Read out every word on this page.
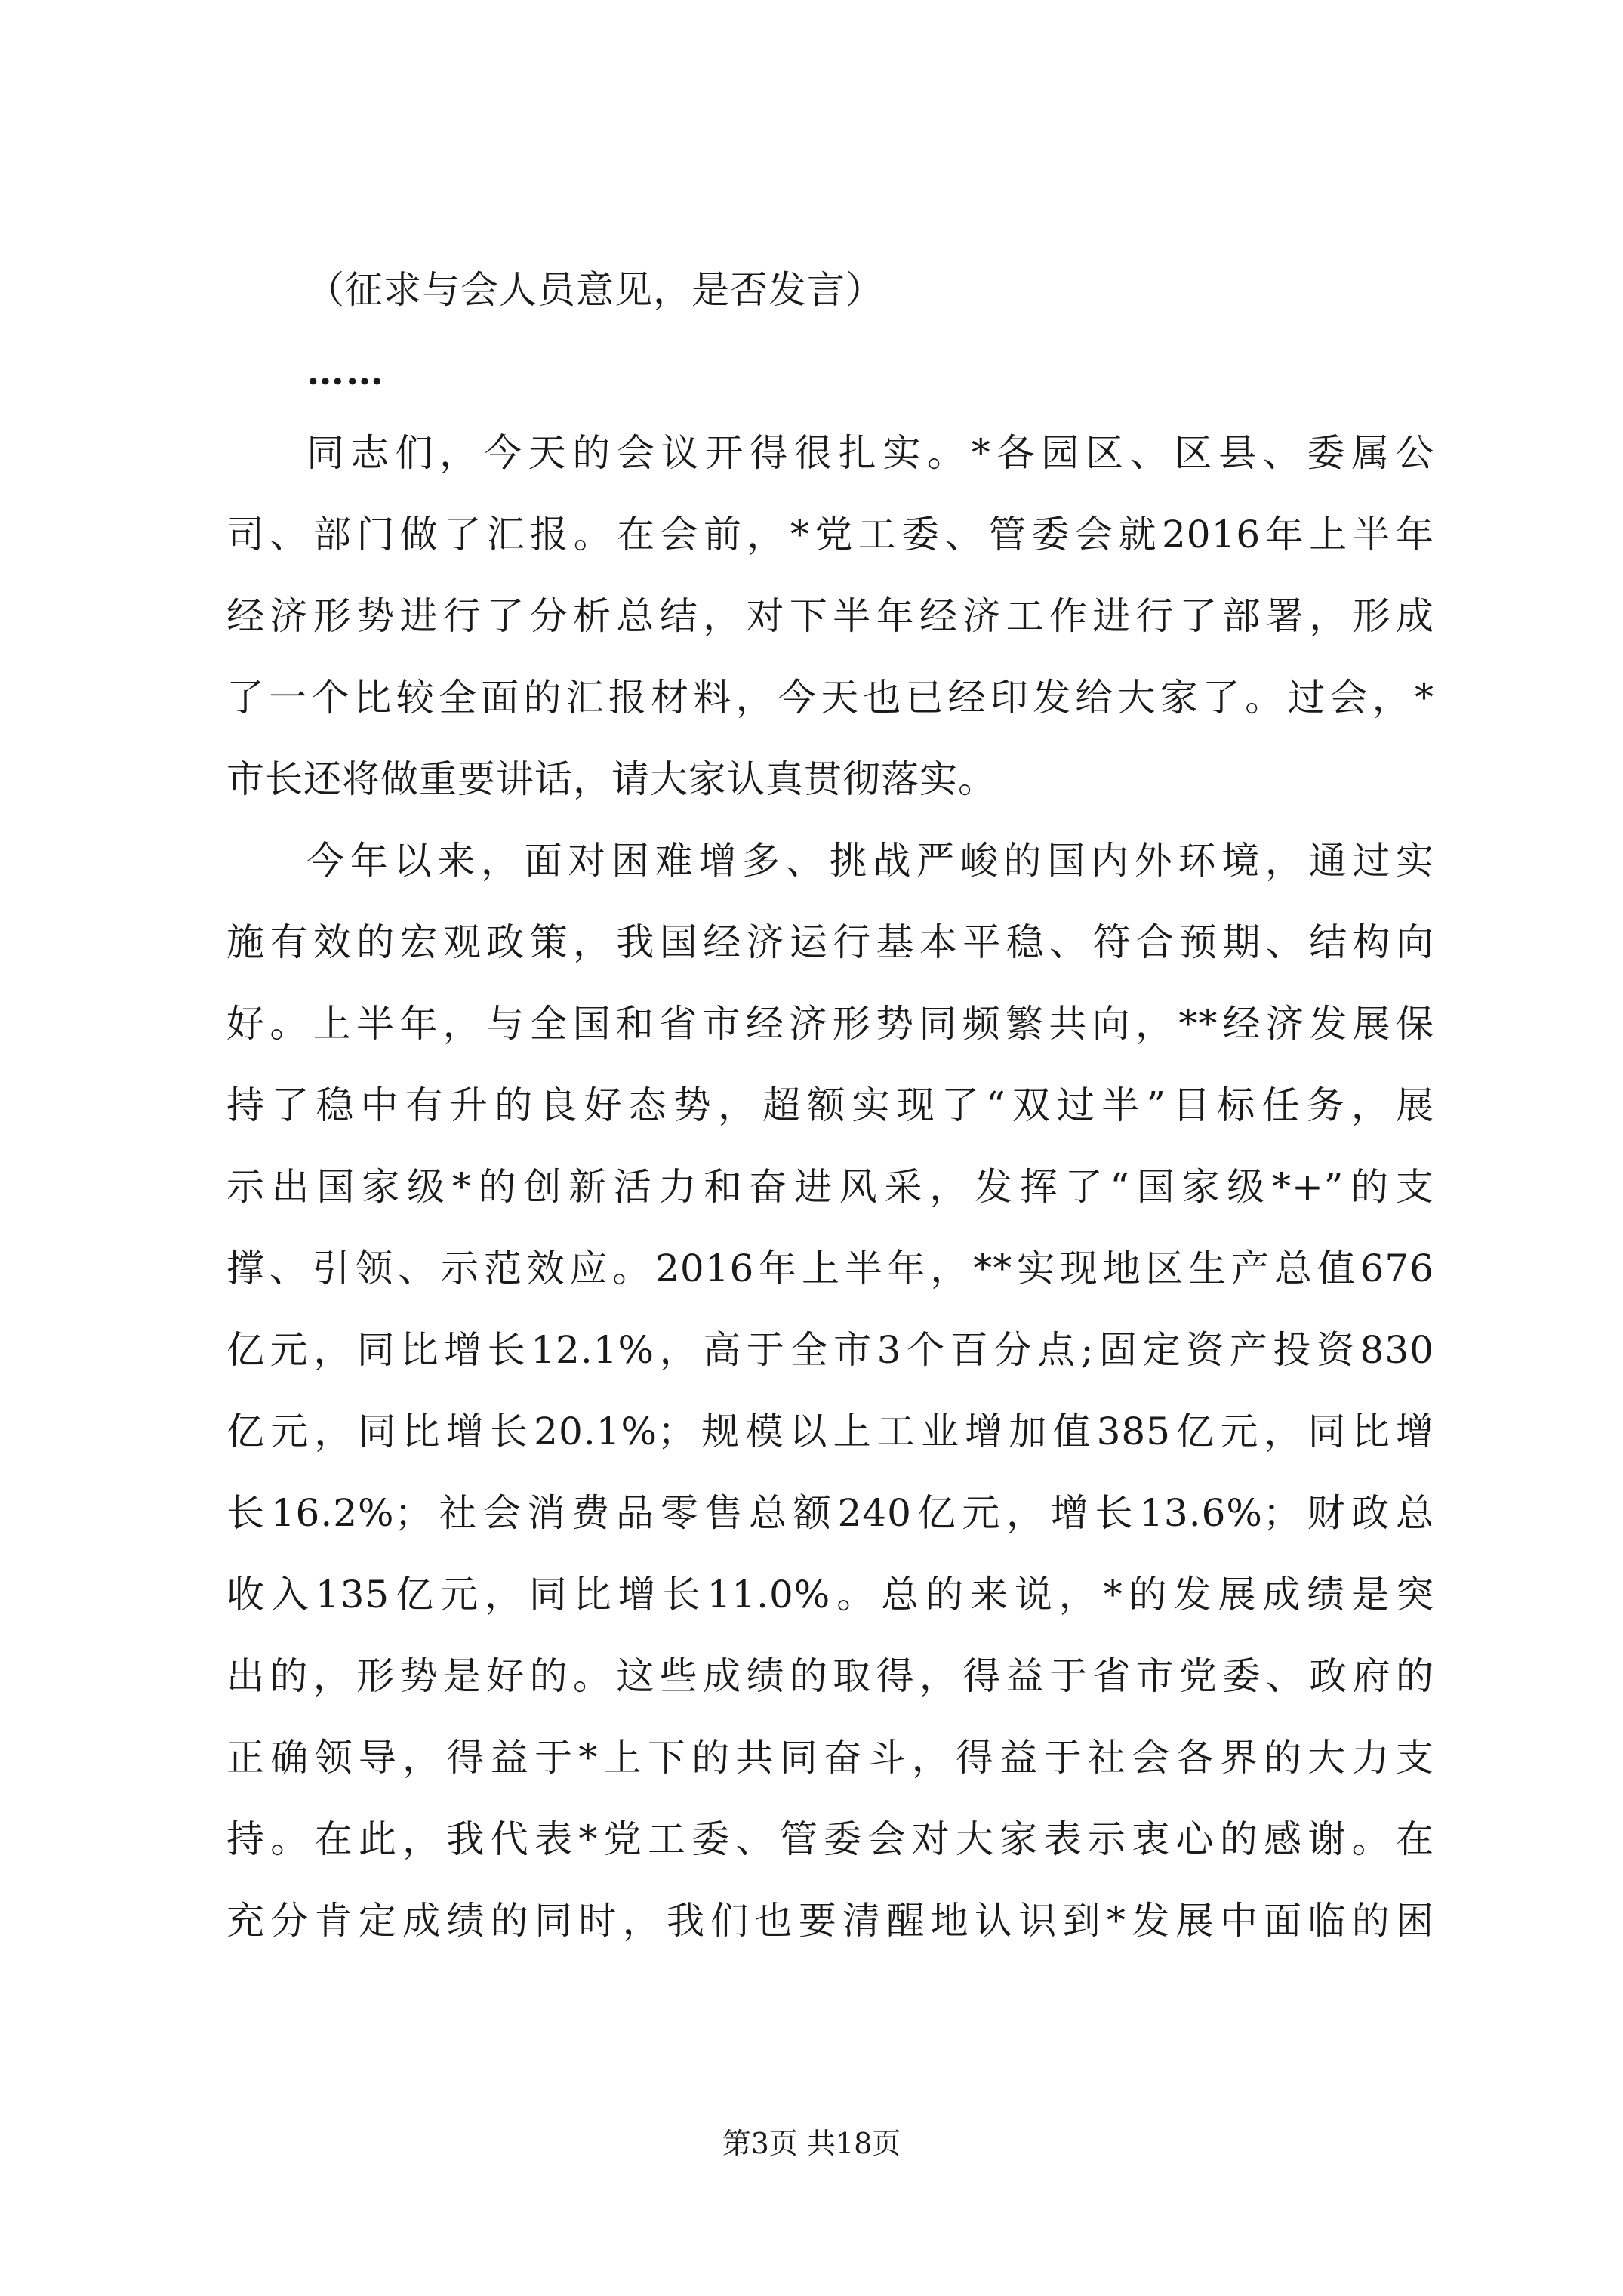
（征求与会人员意见，是否发言）
……
同志们，今天的会议开得很扎实。*各园区、区县、委属公
司、部门做了汇报。在会前，*党工委、管委会就2016年上半年
经济形势进行了分析总结，对下半年经济工作进行了部署，形成
了一个比较全面的汇报材料，今天也已经印发给大家了。过会，*
市长还将做重要讲话，请大家认真贯彻落实。
今年以来，面对困难增多、挑战严峻的国内外环境，通过实
施有效的宏观政策，我国经济运行基本平稳、符合预期、结构向
好。上半年，与全国和省市经济形势同频繁共向，**经济发展保
持了稳中有升的良好态势，超额实现了“双过半”目标任务，展
示出国家级*的创新活力和奋进风采，发挥了“国家级*+”的支
撑、引领、示范效应。2016年上半年，**实现地区生产总值676
亿元，同比增长12.1%，高于全市3个百分点;固定资产投资830
亿元，同比增长20.1%；规模以上工业增加值385亿元，同比增
长16.2%；社会消费品零售总额240亿元，增长13.6%；财政总
收入135亿元，同比增长11.0%。总的来说，*的发展成绩是突
出的，形势是好的。这些成绩的取得，得益于省市党委、政府的
正确领导，得益于*上下的共同奋斗，得益于社会各界的大力支
持。在此，我代表*党工委、管委会对大家表示衷心的感谢。在
充分肯定成绩的同时，我们也要清醒地认识到*发展中面临的困
第3页 共18页
